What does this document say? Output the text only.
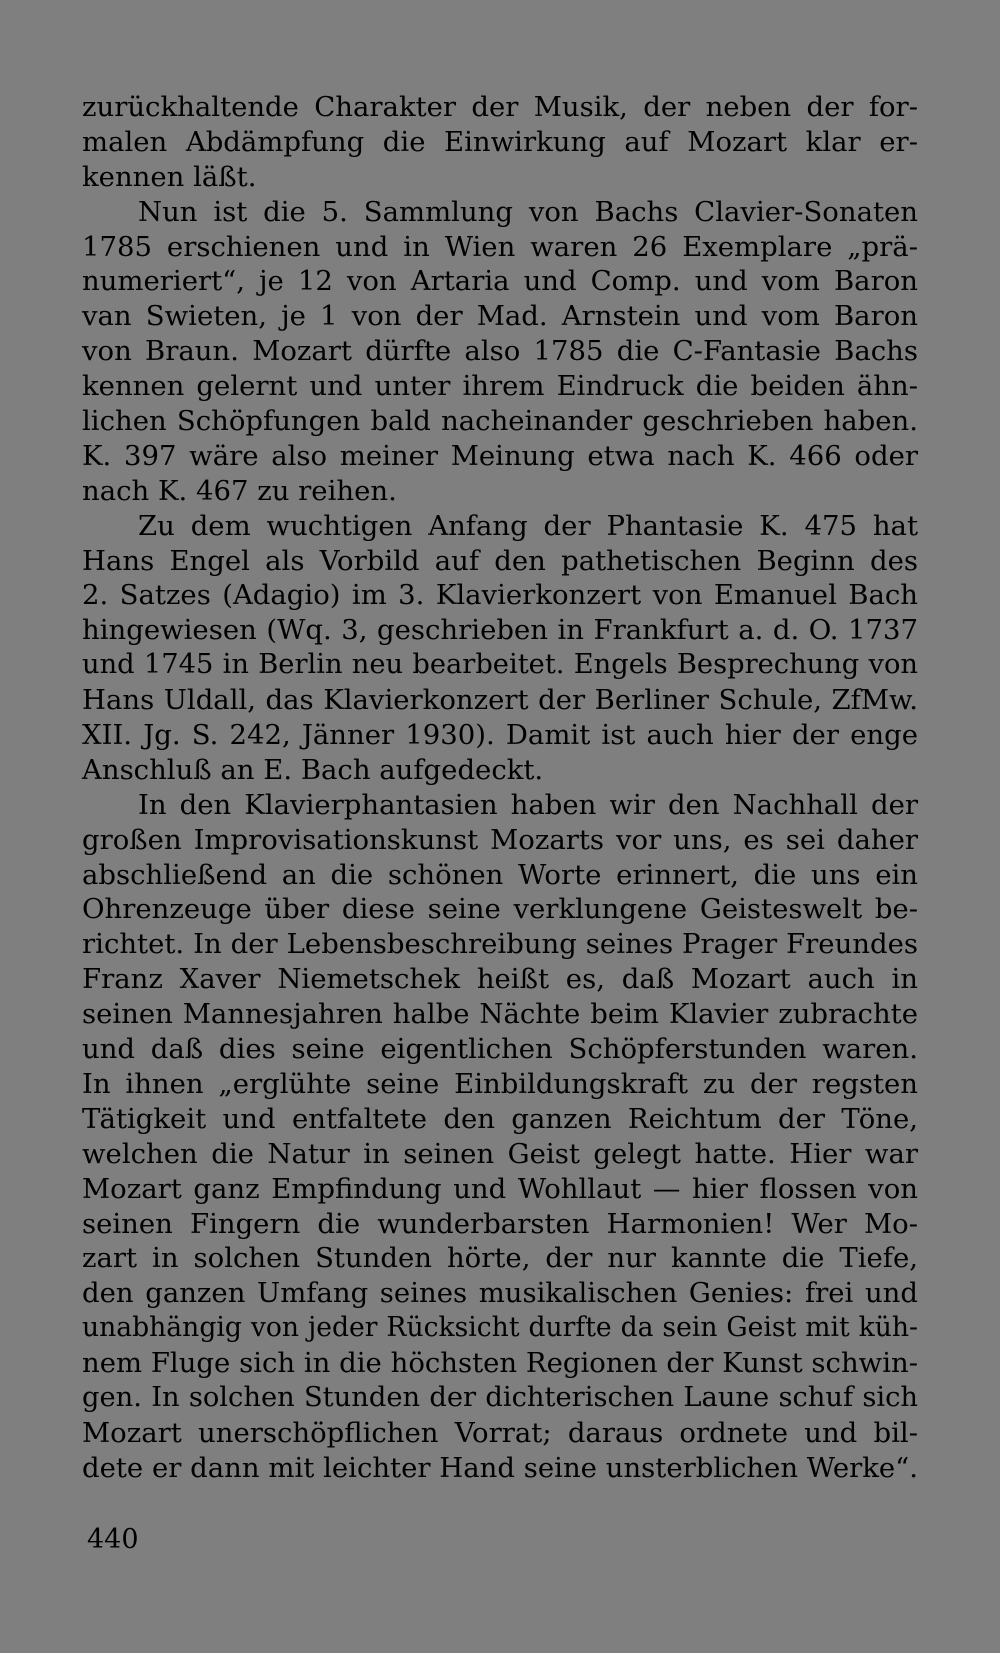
zurückhaltende Charakter der Musik, der neben der for-
malen Abdämpfung die Einwirkung auf Mozart klar er-
kennen läßt.
Nun ist die 5. Sammlung von Bachs Clavier-Sonaten
1785 erschienen und in Wien waren 26 Exemplare „prä-
numeriert“, je 12 von Artaria und Comp. und vom Baron
van Swieten, je 1 von der Mad. Arnstein und vom Baron
von Braun. Mozart dürfte also 1785 die C-Fantasie Bachs
kennen gelernt und unter ihrem Eindruck die beiden ähn-
lichen Schöpfungen bald nacheinander geschrieben haben.
K. 397 wäre also meiner Meinung etwa nach K. 466 oder
nach K. 467 zu reihen.
Zu dem wuchtigen Anfang der Phantasie K. 475 hat
Hans Engel als Vorbild auf den pathetischen Beginn des
2. Satzes (Adagio) im 3. Klavierkonzert von Emanuel Bach
hingewiesen (Wq. 3, geschrieben in Frankfurt a. d. O. 1737
und 1745 in Berlin neu bearbeitet. Engels Besprechung von
Hans Uldall, das Klavierkonzert der Berliner Schule, ZfMw.
XII. Jg. S. 242, Jänner 1930). Damit ist auch hier der enge
Anschluß an E. Bach aufgedeckt.
In den Klavierphantasien haben wir den Nachhall der
großen Improvisationskunst Mozarts vor uns, es sei daher
abschließend an die schönen Worte erinnert, die uns ein
Ohrenzeuge über diese seine verklungene Geisteswelt be-
richtet. In der Lebensbeschreibung seines Prager Freundes
Franz Xaver Niemetschek heißt es, daß Mozart auch in
seinen Mannesjahren halbe Nächte beim Klavier zubrachte
und daß dies seine eigentlichen Schöpferstunden waren.
In ihnen „erglühte seine Einbildungskraft zu der regsten
Tätigkeit und entfaltete den ganzen Reichtum der Töne,
welchen die Natur in seinen Geist gelegt hatte. Hier war
Mozart ganz Empfindung und Wohllaut — hier flossen von
seinen Fingern die wunderbarsten Harmonien! Wer Mo-
zart in solchen Stunden hörte, der nur kannte die Tiefe,
den ganzen Umfang seines musikalischen Genies: frei und
unabhängig von jeder Rücksicht durfte da sein Geist mit küh-
nem Fluge sich in die höchsten Regionen der Kunst schwin-
gen. In solchen Stunden der dichterischen Laune schuf sich
Mozart unerschöpflichen Vorrat; daraus ordnete und bil-
dete er dann mit leichter Hand seine unsterblichen Werke“.
440
